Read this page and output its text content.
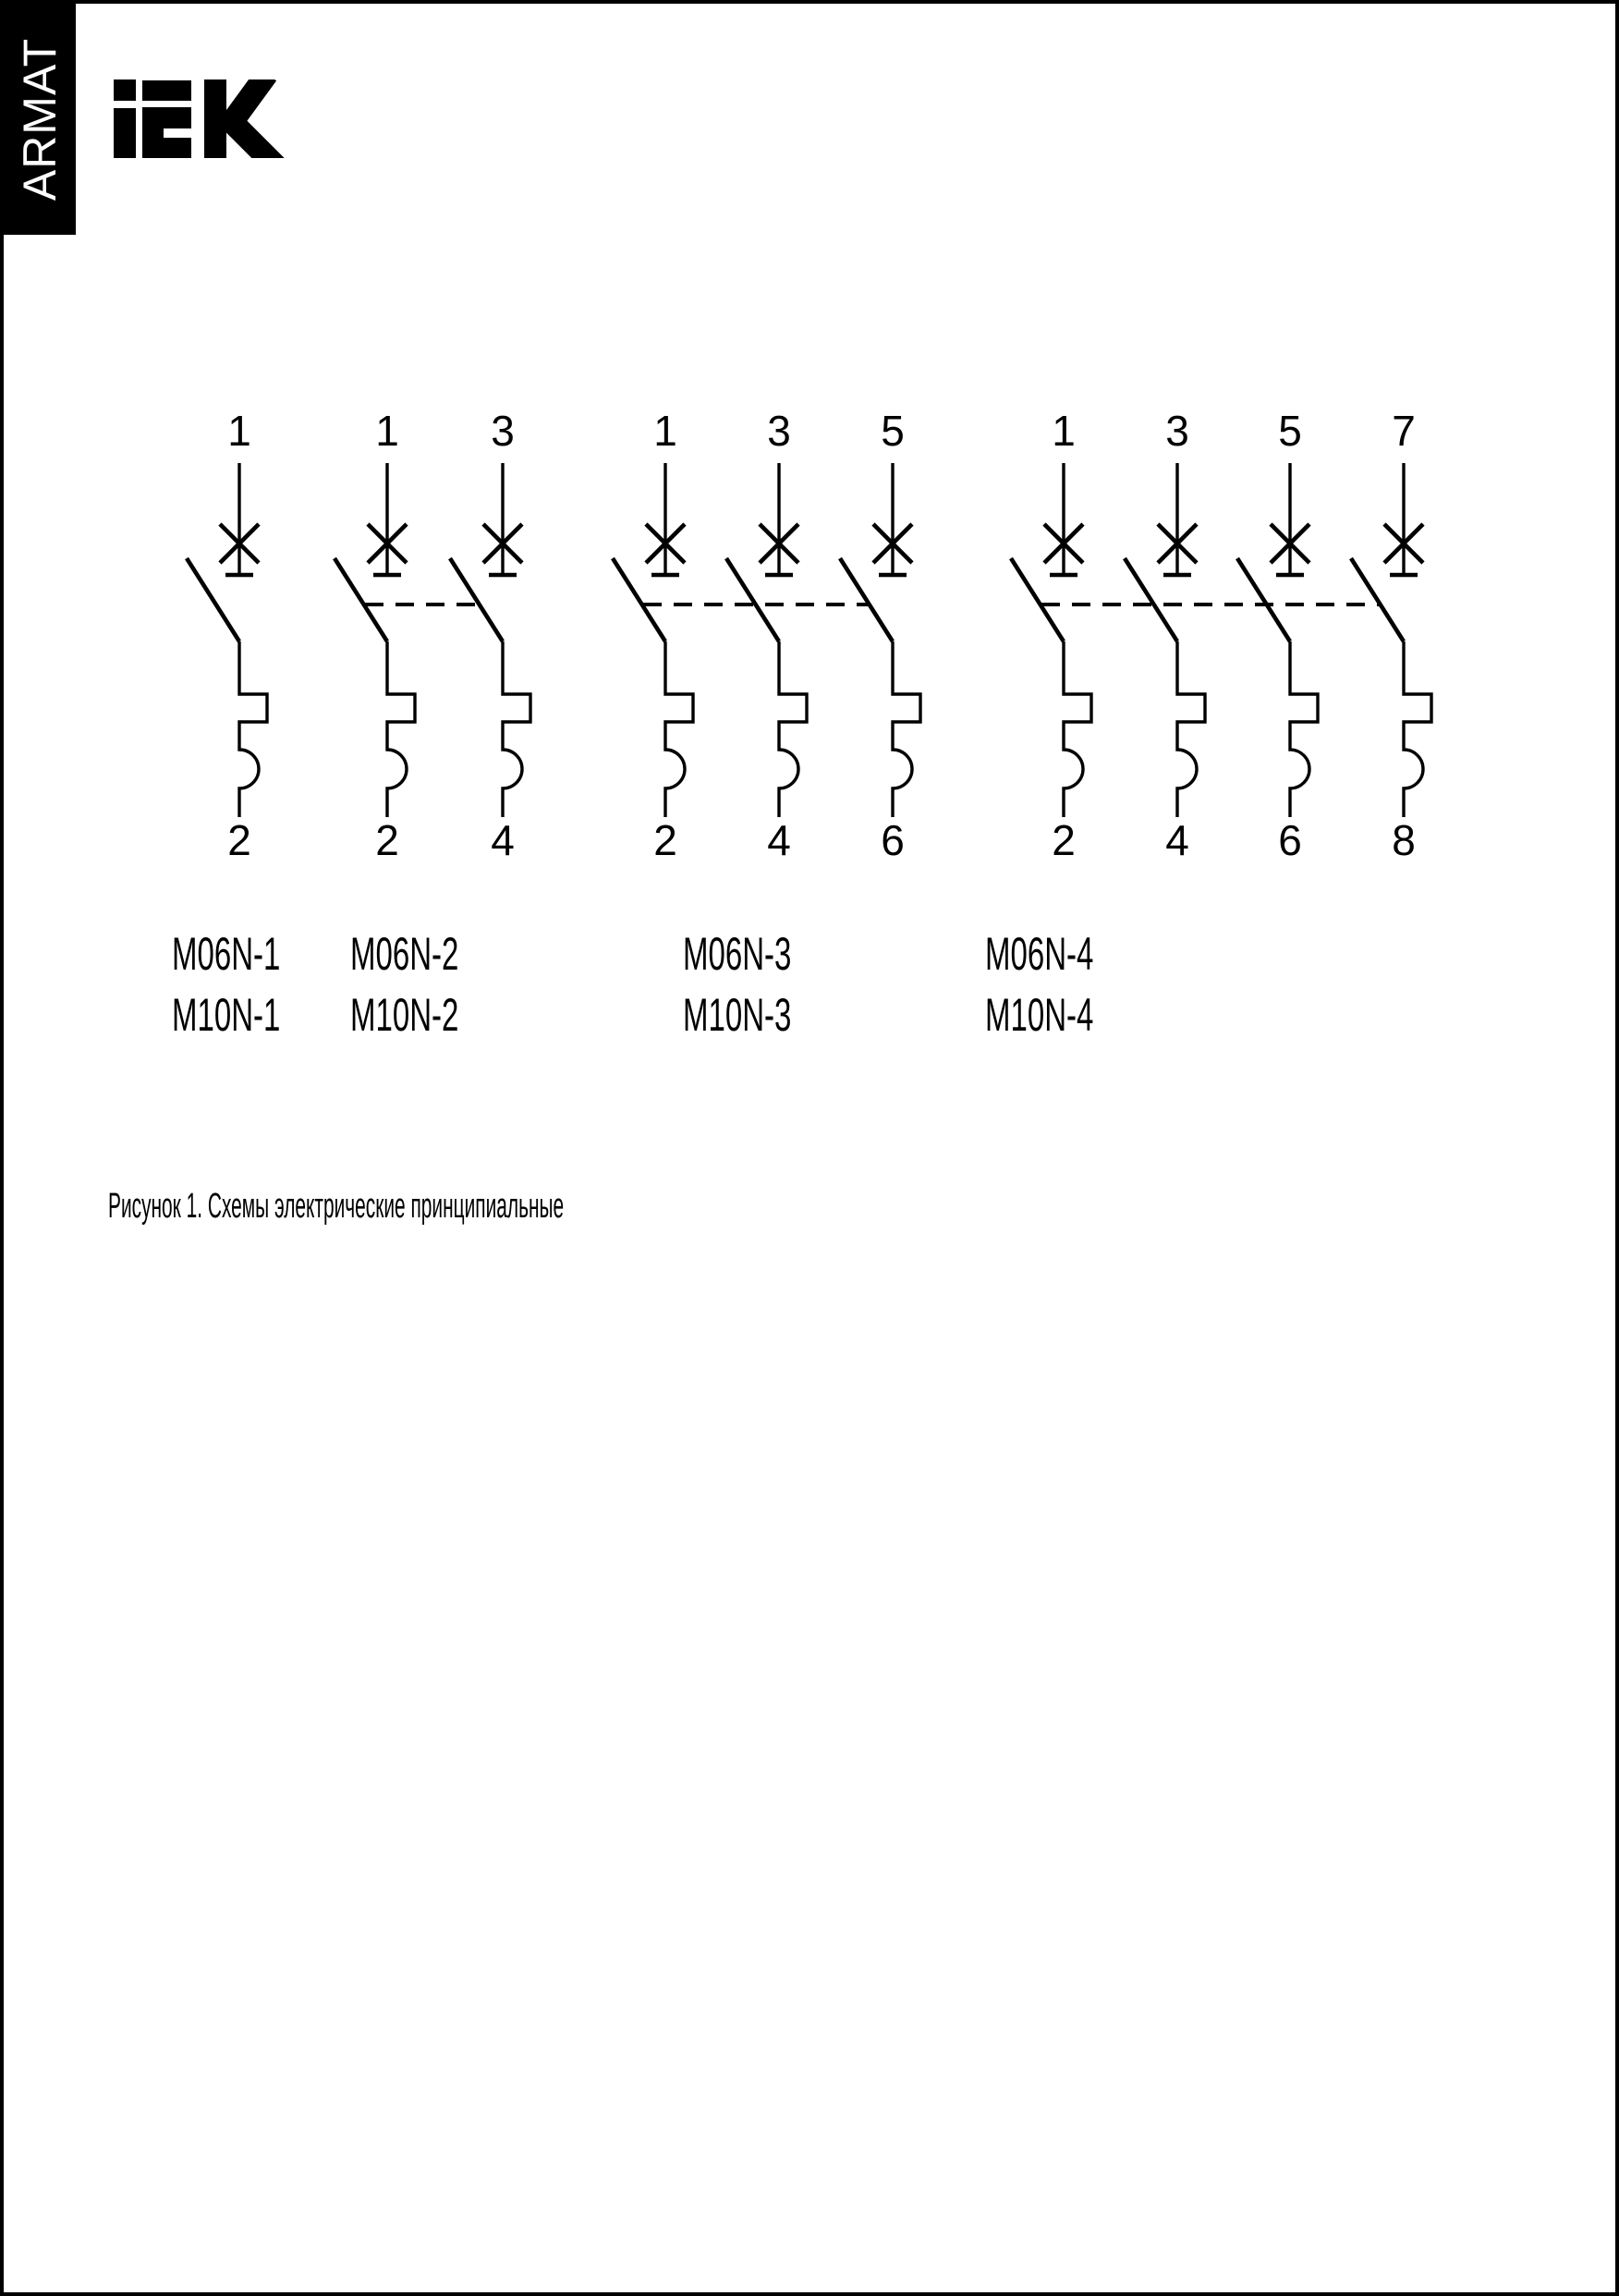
ARMAT
1
2
1
2
3
4
1
2
3
4
5
6
1
2
3
4
5
6
7
8
Рисунок 1. Схемы электрические принципиальные
M06N-1
M10N-1
M06N-2
M10N-2
M06N-3
M10N-3
M06N-4
M10N-4
